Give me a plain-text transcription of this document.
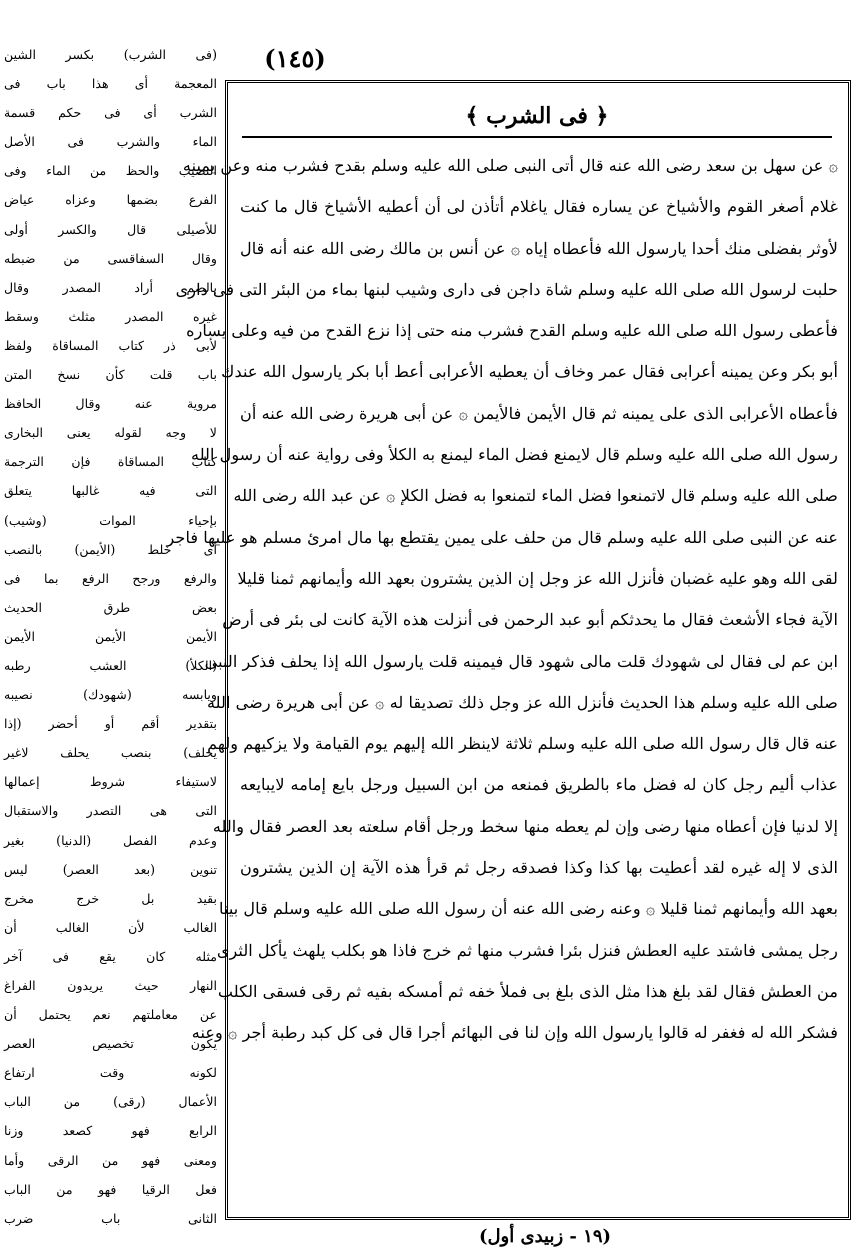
(١٤٥)
﴿ فى الشرب ﴾
۞ عن سهل بن سعد رضى الله عنه قال أتى النبى صلى الله عليه وسلم بقدح فشرب منه وعن يمينه
غلام أصغر القوم والأشياخ عن يساره فقال ياغلام أتأذن لى أن أعطيه الأشياخ قال ما كنت
لأوثر بفضلى منك أحدا يارسول الله فأعطاه إياه ۞ عن أنس بن مالك رضى الله عنه أنه قال
حلبت لرسول الله صلى الله عليه وسلم شاة داجن فى دارى وشيب لبنها بماء من البئر التى فى دارى
فأعطى رسول الله صلى الله عليه وسلم القدح فشرب منه حتى إذا نزع القدح من فيه وعلى يساره
أبو بكر وعن يمينه أعرابى فقال عمر وخاف أن يعطيه الأعرابى أعط أبا بكر يارسول الله عندك
فأعطاه الأعرابى الذى على يمينه ثم قال الأيمن فالأيمن ۞ عن أبى هريرة رضى الله عنه أن
رسول الله صلى الله عليه وسلم قال لايمنع فضل الماء ليمنع به الكلأ وفى رواية عنه أن رسول الله
صلى الله عليه وسلم قال لاتمنعوا فضل الماء لتمنعوا به فضل الكلإ ۞ عن عبد الله رضى الله
عنه عن النبى صلى الله عليه وسلم قال من حلف على يمين يقتطع بها مال امرئ مسلم هو عليها فاجر
لقى الله وهو عليه غضبان فأنزل الله عز وجل إن الذين يشترون بعهد الله وأيمانهم ثمنا قليلا
الآية فجاء الأشعث فقال ما يحدثكم أبو عبد الرحمن فى أنزلت هذه الآية كانت لى بئر فى أرض
ابن عم لى فقال لى شهودك قلت مالى شهود قال فيمينه قلت يارسول الله إذا يحلف فذكر النبى
صلى الله عليه وسلم هذا الحديث فأنزل الله عز وجل ذلك تصديقا له ۞ عن أبى هريرة رضى الله
عنه قال قال رسول الله صلى الله عليه وسلم ثلاثة لاينظر الله إليهم يوم القيامة ولا يزكيهم ولهم
عذاب أليم رجل كان له فضل ماء بالطريق فمنعه من ابن السبيل ورجل بايع إمامه لايبايعه
إلا لدنيا فإن أعطاه منها رضى وإن لم يعطه منها سخط ورجل أقام سلعته بعد العصر فقال والله
الذى لا إله غيره لقد أعطيت بها كذا وكذا فصدقه رجل ثم قرأ هذه الآية إن الذين يشترون
بعهد الله وأيمانهم ثمنا قليلا ۞ وعنه رضى الله عنه أن رسول الله صلى الله عليه وسلم قال بينا
رجل يمشى فاشتد عليه العطش فنزل بئرا فشرب منها ثم خرج فاذا هو بكلب يلهث يأكل الثرى
من العطش فقال لقد بلغ هذا مثل الذى بلغ بى فملأ خفه ثم أمسكه بفيه ثم رقى فسقى الكلب
فشكر الله له فغفر له قالوا يارسول الله وإن لنا فى البهائم أجرا قال فى كل كبد رطبة أجر ۞ وعنه
(فى الشرب) بكسر الشين
المعجمة أى هذا باب فى
الشرب أى فى حكم قسمة
الماء والشرب فى الأصل
النصيب والحظ من الماء وفى
الفرع بضمها وعزاه عياض
للأصيلى قال والكسر أولى
وقال السفاقسى من ضبطه
بالضم أراد المصدر وقال
غيره المصدر مثلث وسقط
لأبى ذر كتاب المساقاة ولفظ
باب قلت كأن نسخ المتن
مروية عنه وقال الحافظ
لا وجه لقوله يعنى البخارى
كتاب المساقاة فإن الترجمة
التى فيه غالبها يتعلق
بإحياء الموات (وشيب)
أى خلط (الأيمن) بالنصب
والرفع ورجح الرفع بما فى
بعض طرق الحديث
الأيمن الأيمن الأيمن
(الكلأ) العشب رطبه
ويابسه (شهودك) نصيبه
بتقدير أقم أو أحضر (إذا
يحلف) بنصب يحلف لاغير
لاستيفاء شروط إعمالها
التى هى التصدر والاستقبال
وعدم الفصل (الدنيا) بغير
تنوين (بعد العصر) ليس
بقيد بل خرج مخرج
الغالب لأن الغالب أن
مثله كان يقع فى آخر
النهار حيث يريدون الفراغ
عن معاملتهم نعم يحتمل أن
يكون تخصيص العصر
لكونه وقت ارتفاع
الأعمال (رقى) من الباب
الرابع فهو كصعد وزنا
ومعنى فهو من الرقى وأما
فعل الرقيا فهو من الباب
الثانى باب ضرب
(١٩ - زبيدى أول)
